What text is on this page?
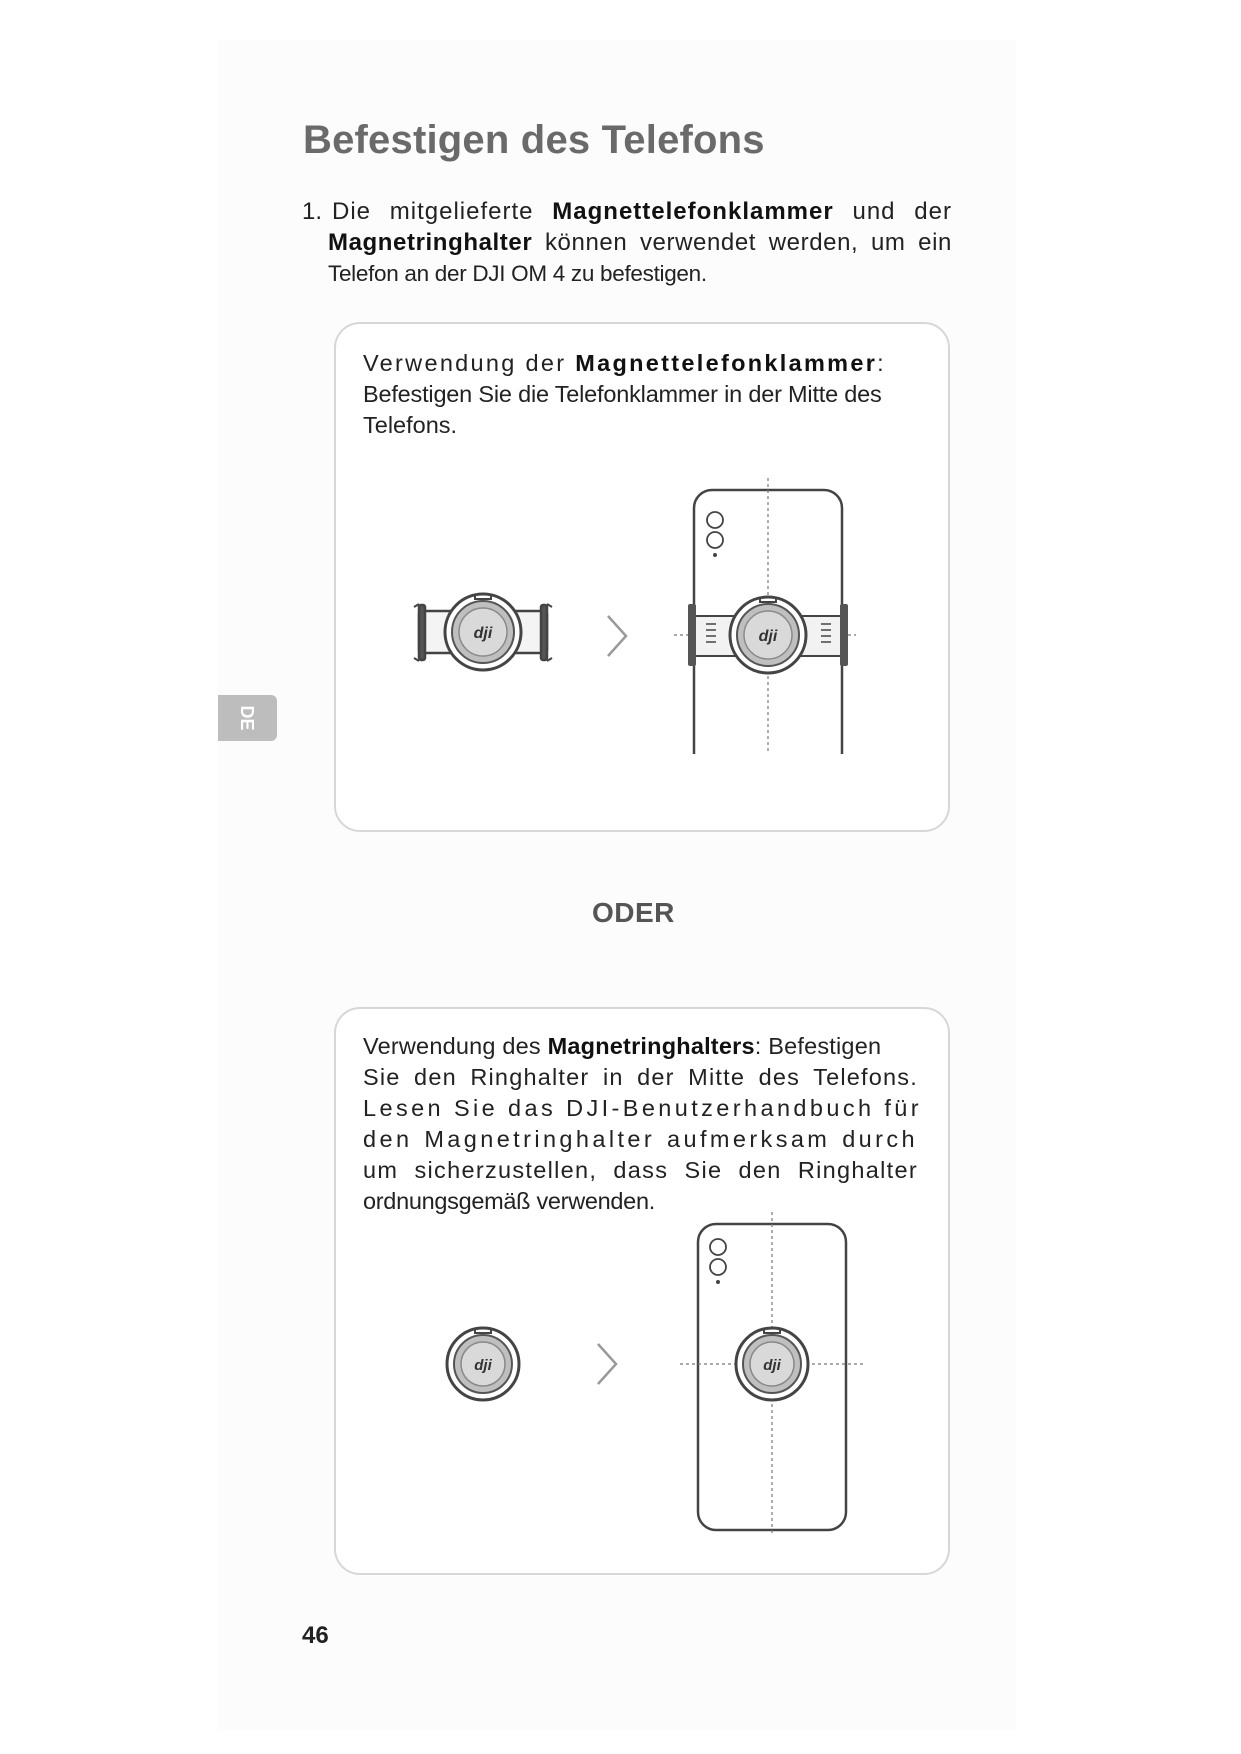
Befestigen des Telefons
1. Die mitgelieferte Magnettelefonklammer und der
Magnetringhalter können verwendet werden, um ein
Telefon an der DJI OM 4 zu befestigen.
Verwendung der Magnettelefonklammer:
Befestigen Sie die Telefonklammer in der Mitte des
Telefons.
dji	dji
ODER
Verwendung des Magnetringhalters: Befestigen
Sie den Ringhalter in der Mitte des Telefons.
Lesen Sie das DJI-Benutzerhandbuch für
den Magnetringhalter aufmerksam durch
um sicherzustellen, dass Sie den Ringhalter
ordnungsgemäß verwenden.
dji
dji
DE
46
